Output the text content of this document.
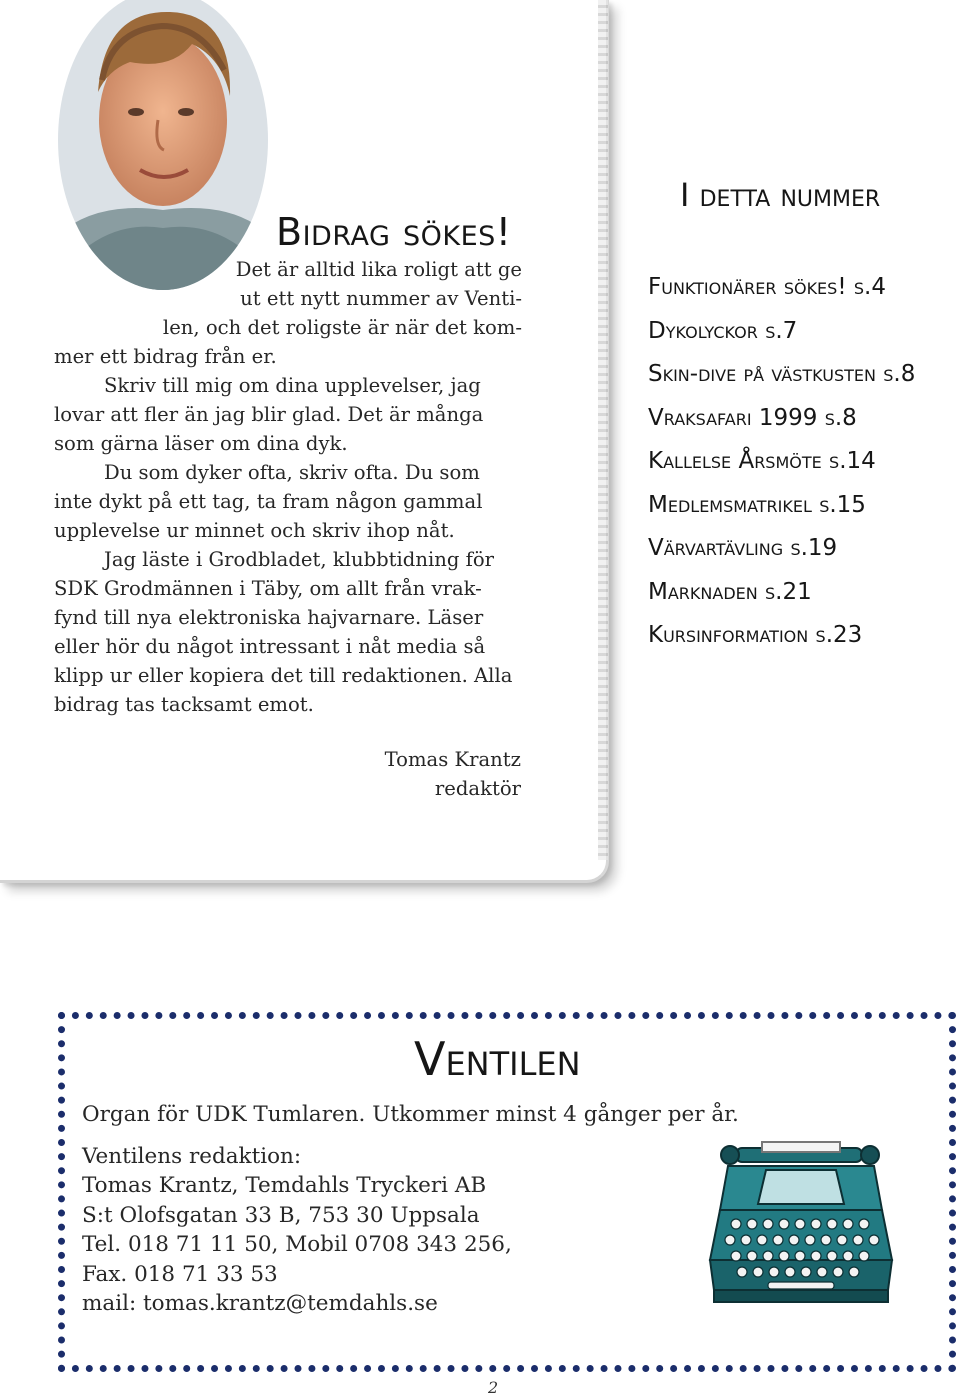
Bidrag sökes!
Det är alltid lika roligt att ge
ut ett nytt nummer av Venti-
len, och det roligste är när det kom-
mer ett bidrag från er.
Skriv till mig om dina upplevelser, jag
lovar att fler än jag blir glad. Det är många
som gärna läser om dina dyk.
Du som dyker ofta, skriv ofta. Du som
inte dykt på ett tag, ta fram någon gammal
upplevelse ur minnet och skriv ihop nåt.
Jag läste i Grodbladet, klubbtidning för
SDK Grodmännen i Täby, om allt från vrak-
fynd till nya elektroniska hajvarnare. Läser
eller hör du något intressant i nåt media så
klipp ur eller kopiera det till redaktionen. Alla
bidrag tas tacksamt emot.
Tomas Krantz
redaktör
I detta nummer
Funktionärer sökes! s.4
Dykolyckor s.7
Skin-dive på västkusten s.8
Vraksafari 1999 s.8
Kallelse Årsmöte s.14
Medlemsmatrikel s.15
Värvartävling s.19
Marknaden s.21
Kursinformation s.23
Ventilen
Organ för UDK Tumlaren. Utkommer minst 4 gånger per år.
Ventilens redaktion:
Tomas Krantz, Temdahls Tryckeri AB
S:t Olofsgatan 33 B, 753 30 Uppsala
Tel. 018 71 11 50, Mobil 0708 343 256,
Fax. 018 71 33 53
mail: tomas.krantz@temdahls.se
2
